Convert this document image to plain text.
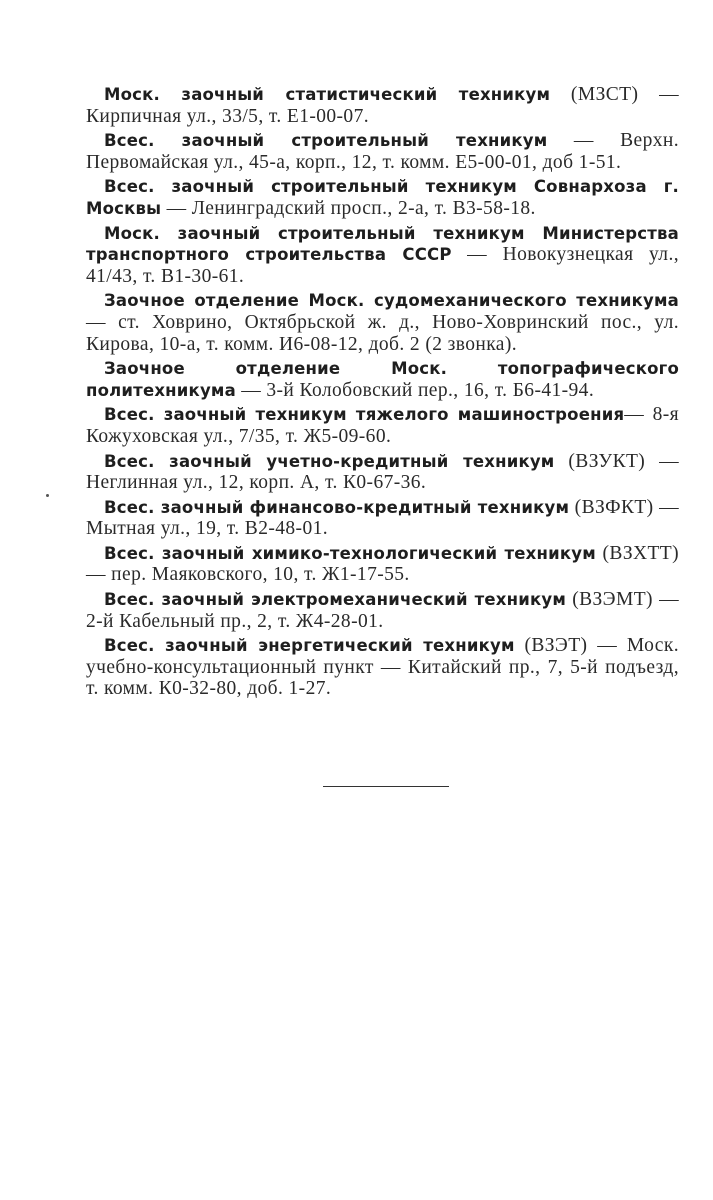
Моск. заочный статистический техникум (МЗСТ) — Кирпичная ул., 33/5, т. Е1-00-07.

Всес. заочный строительный техникум — Верхн. Первомайская ул., 45-а, корп., 12, т. комм. Е5-00-01, доб 1-51.

Всес. заочный строительный техникум Совнархоза г. Москвы — Ленинградский просп., 2-а, т. В3-58-18.

Моск. заочный строительный техникум Министерства транспортного строительства СССР — Новокузнецкая ул., 41/43, т. В1-30-61.

Заочное отделение Моск. судомеханического техникума — ст. Ховрино, Октябрьской ж. д., Ново-Ховринский пос., ул. Кирова, 10-а, т. комм. И6-08-12, доб. 2 (2 звонка).

Заочное отделение Моск. топографического политехникума — 3-й Колобовский пер., 16, т. Б6-41-94.

Всес. заочный техникум тяжелого машиностроения— 8-я Кожуховская ул., 7/35, т. Ж5-09-60.

Всес. заочный учетно-кредитный техникум (ВЗУКТ) — Неглинная ул., 12, корп. А, т. К0-67-36.

Всес. заочный финансово-кредитный техникум (ВЗФКТ) — Мытная ул., 19, т. В2-48-01.

Всес. заочный химико-технологический техникум (ВЗХТТ) — пер. Маяковского, 10, т. Ж1-17-55.

Всес. заочный электромеханический техникум (ВЗЭМТ) — 2-й Кабельный пр., 2, т. Ж4-28-01.

Всес. заочный энергетический техникум (ВЗЭТ) — Моск. учебно-консультационный пункт — Китайский пр., 7, 5-й подъезд, т. комм. К0-32-80, доб. 1-27.
